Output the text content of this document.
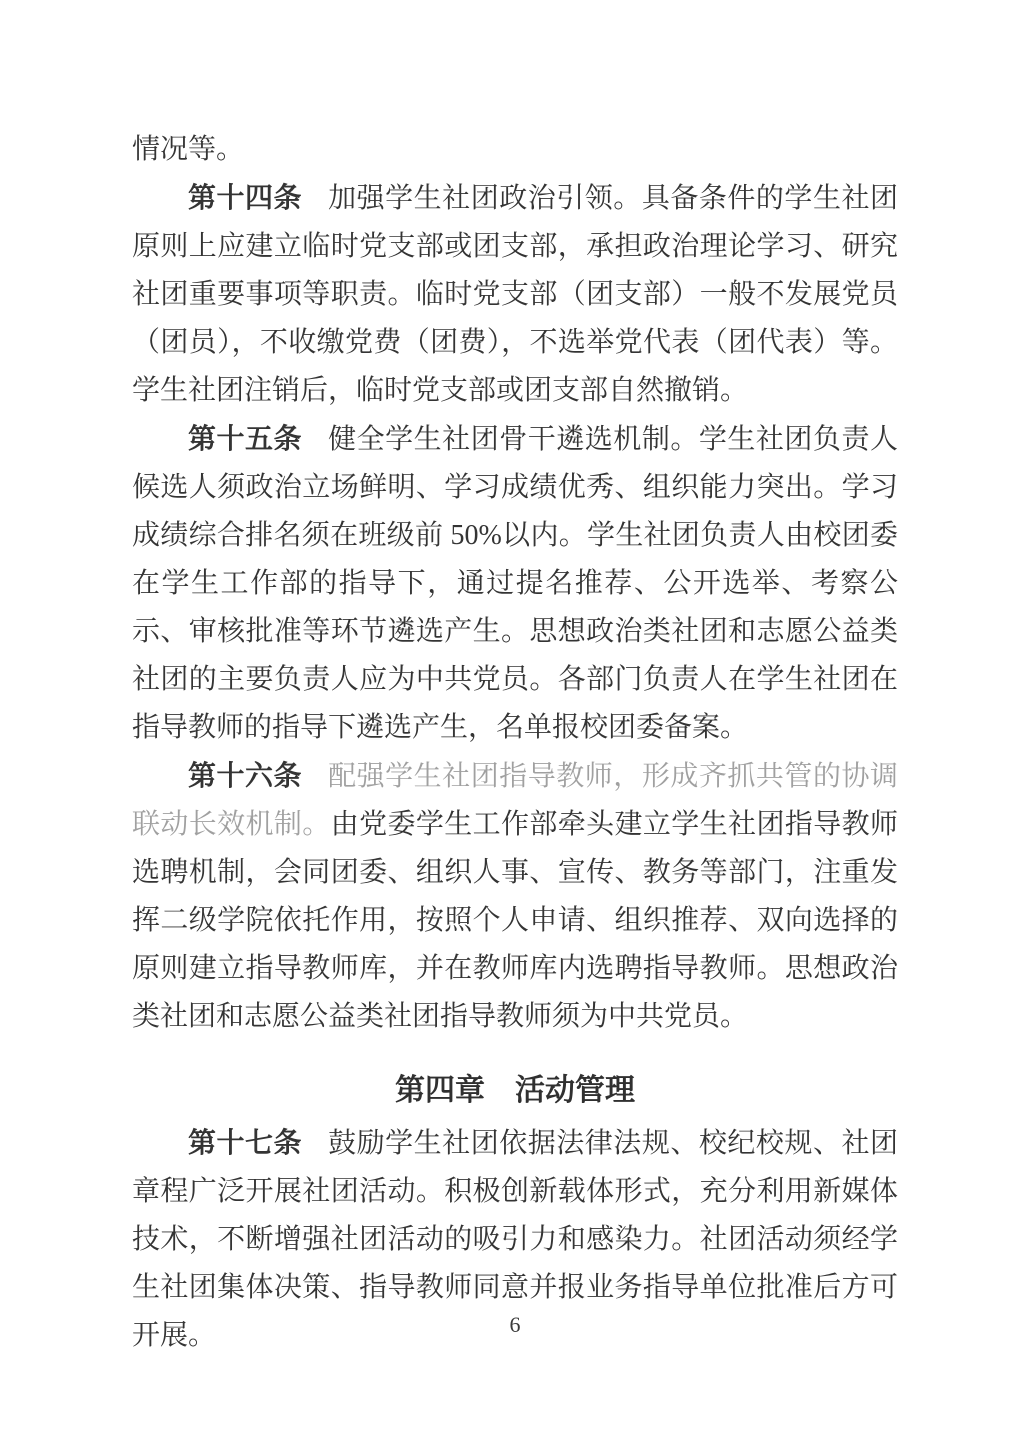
情况等。

第十四条 加强学生社团政治引领。具备条件的学生社团原则上应建立临时党支部或团支部，承担政治理论学习、研究社团重要事项等职责。临时党支部（团支部）一般不发展党员（团员），不收缴党费（团费），不选举党代表（团代表）等。学生社团注销后，临时党支部或团支部自然撤销。

第十五条 健全学生社团骨干遴选机制。学生社团负责人候选人须政治立场鲜明、学习成绩优秀、组织能力突出。学习成绩综合排名须在班级前 50%以内。学生社团负责人由校团委在学生工作部的指导下，通过提名推荐、公开选举、考察公示、审核批准等环节遴选产生。思想政治类社团和志愿公益类社团的主要负责人应为中共党员。各部门负责人在学生社团在指导教师的指导下遴选产生，名单报校团委备案。

第十六条 配强学生社团指导教师，形成齐抓共管的协调联动长效机制。由党委学生工作部牵头建立学生社团指导教师选聘机制，会同团委、组织人事、宣传、教务等部门，注重发挥二级学院依托作用，按照个人申请、组织推荐、双向选择的原则建立指导教师库，并在教师库内选聘指导教师。思想政治类社团和志愿公益类社团指导教师须为中共党员。

第四章　活动管理

第十七条 鼓励学生社团依据法律法规、校纪校规、社团章程广泛开展社团活动。积极创新载体形式，充分利用新媒体技术，不断增强社团活动的吸引力和感染力。社团活动须经学生社团集体决策、指导教师同意并报业务指导单位批准后方可开展。	6
